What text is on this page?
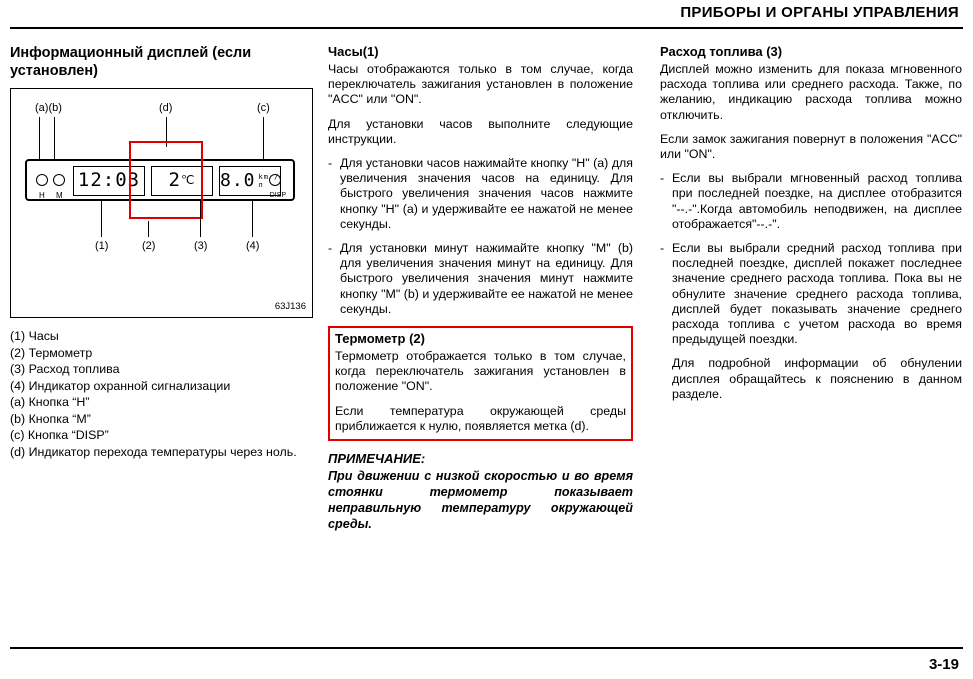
ПРИБОРЫ И ОРГАНЫ УПРАВЛЕНИЯ
Информационный дисплей (если установлен)
(a)(b)	(d)	(c)
H M
12:03 2 ℃ 8.0 km /л
DISP
(1)	(2)	(3)	(4)
63J136
(1) Часы
(2) Термометр
(3) Расход топлива
(4) Индикатор охранной сигнализации
(a) Кнопка “H”
(b) Кнопка “M”
(c) Кнопка “DISP”
(d) Индикатор перехода температуры через ноль.
Часы(1)

Часы отображаются только в том случае, когда переключатель зажигания установлен в положение "ACC" или "ON".

Для установки часов выполните следующие инструкции.

- Для установки часов нажимайте кнопку "H" (a) для увеличения значения часов на единицу. Для быстрого увеличения значения часов нажмите кнопку "H" (a) и удерживайте ее нажатой не менее секунды.
- Для установки минут нажимайте кнопку "M" (b) для увеличения значения минут на единицу. Для быстрого увеличения значения минут нажмите кнопку "M" (b) и удерживайте ее нажатой не менее секунды.
Термометр (2)

Термометр отображается только в том случае, когда переключатель зажигания установлен в положение "ON".

Если температура окружающей среды приближается к нулю, появляется метка (d).

ПРИМЕЧАНИЕ:

При движении с низкой скоростью и во время стоянки термометр показывает неправильную температуру окружающей среды.

Расход топлива (3)

Дисплей можно изменить для показа мгновенного расхода топлива или среднего расхода. Также, по желанию, индикацию расхода топлива можно отключить.

Если замок зажигания повернут в положения "ACC" или "ON".

- Если вы выбрали мгновенный расход топлива при последней поездке, на дисплее отобразится "--.-".Когда автомобиль неподвижен, на дисплее отображается"--.-".
- Если вы выбрали средний расход топлива при последней поездке, дисплей покажет последнее значение среднего расхода топлива. Пока вы не обнулите значение среднего расхода топлива, дисплей будет показывать значение среднего расхода топлива с учетом расхода во время предыдущей поездки.

Для подробной информации об обнулении дисплея обращайтесь к пояснению в данном разделе.

3-19
